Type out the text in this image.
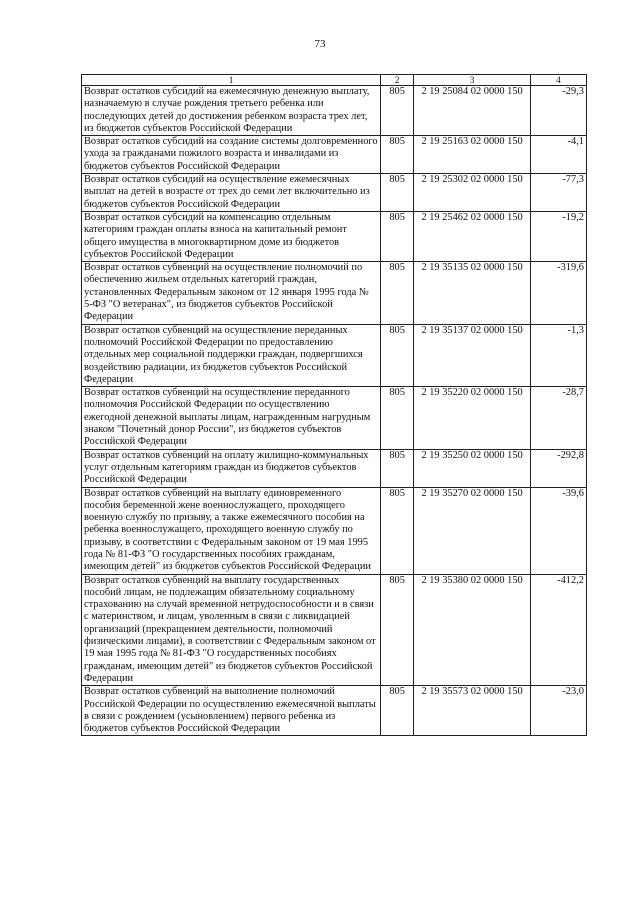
73
1	2	3	4
Возврат остатков субсидий на ежемесячную денежную выплату, назначаемую в случае рождения третьего ребенка или последующих детей до достижения ребенком возраста трех лет, из бюджетов субъектов Российской Федерации	805	2 19 25084 02 0000 150	-29,3
Возврат остатков субсидий на создание системы долговременного ухода за гражданами пожилого возраста и инвалидами из бюджетов субъектов Российской Федерации	805	2 19 25163 02 0000 150	-4,1
Возврат остатков субсидий на осуществление ежемесячных выплат на детей в возрасте от трех до семи лет включительно из бюджетов субъектов Российской Федерации	805	2 19 25302 02 0000 150	-77,3
Возврат остатков субсидий на компенсацию отдельным категориям граждан оплаты взноса на капитальный ремонт общего имущества в многоквартирном доме из бюджетов субъектов Российской Федерации	805	2 19 25462 02 0000 150	-19,2
Возврат остатков субвенций на осуществление полномочий по обеспечению жильем отдельных категорий граждан, установленных Федеральным законом от 12 января 1995 года № 5-ФЗ "О ветеранах", из бюджетов субъектов Российской Федерации	805	2 19 35135 02 0000 150	-319,6
Возврат остатков субвенций на осуществление переданных полномочий Российской Федерации по предоставлению отдельных мер социальной поддержки граждан, подвергшихся воздействию радиации, из бюджетов субъектов Российской Федерации	805	2 19 35137 02 0000 150	-1,3
Возврат остатков субвенций на осуществление переданного полномочия Российской Федерации по осуществлению ежегодной денежной выплаты лицам, награжденным нагрудным знаком "Почетный донор России", из бюджетов субъектов Российской Федерации	805	2 19 35220 02 0000 150	-28,7
Возврат остатков субвенций на оплату жилищно-коммунальных услуг отдельным категориям граждан из бюджетов субъектов Российской Федерации	805	2 19 35250 02 0000 150	-292,8
Возврат остатков субвенций на выплату единовременного пособия беременной жене военнослужащего, проходящего военную службу по призыву, а также ежемесячного пособия на ребенка военнослужащего, проходящего военную службу по призыву, в соответствии с Федеральным законом от 19 мая 1995 года № 81-ФЗ "О государственных пособиях гражданам, имеющим детей" из бюджетов субъектов Российской Федерации	805	2 19 35270 02 0000 150	-39,6
Возврат остатков субвенций на выплату государственных пособий лицам, не подлежащим обязательному социальному страхованию на случай временной нетрудоспособности и в связи с материнством, и лицам, уволенным в связи с ликвидацией организаций (прекращением деятельности, полномочий физическими лицами), в соответствии с Федеральным законом от 19 мая 1995 года № 81-ФЗ "О государственных пособиях гражданам, имеющим детей" из бюджетов субъектов Российской Федерации	805	2 19 35380 02 0000 150	-412,2
Возврат остатков субвенций на выполнение полномочий Российской Федерации по осуществлению ежемесячной выплаты в связи с рождением (усыновлением) первого ребенка из бюджетов субъектов Российской Федерации	805	2 19 35573 02 0000 150	-23,0
